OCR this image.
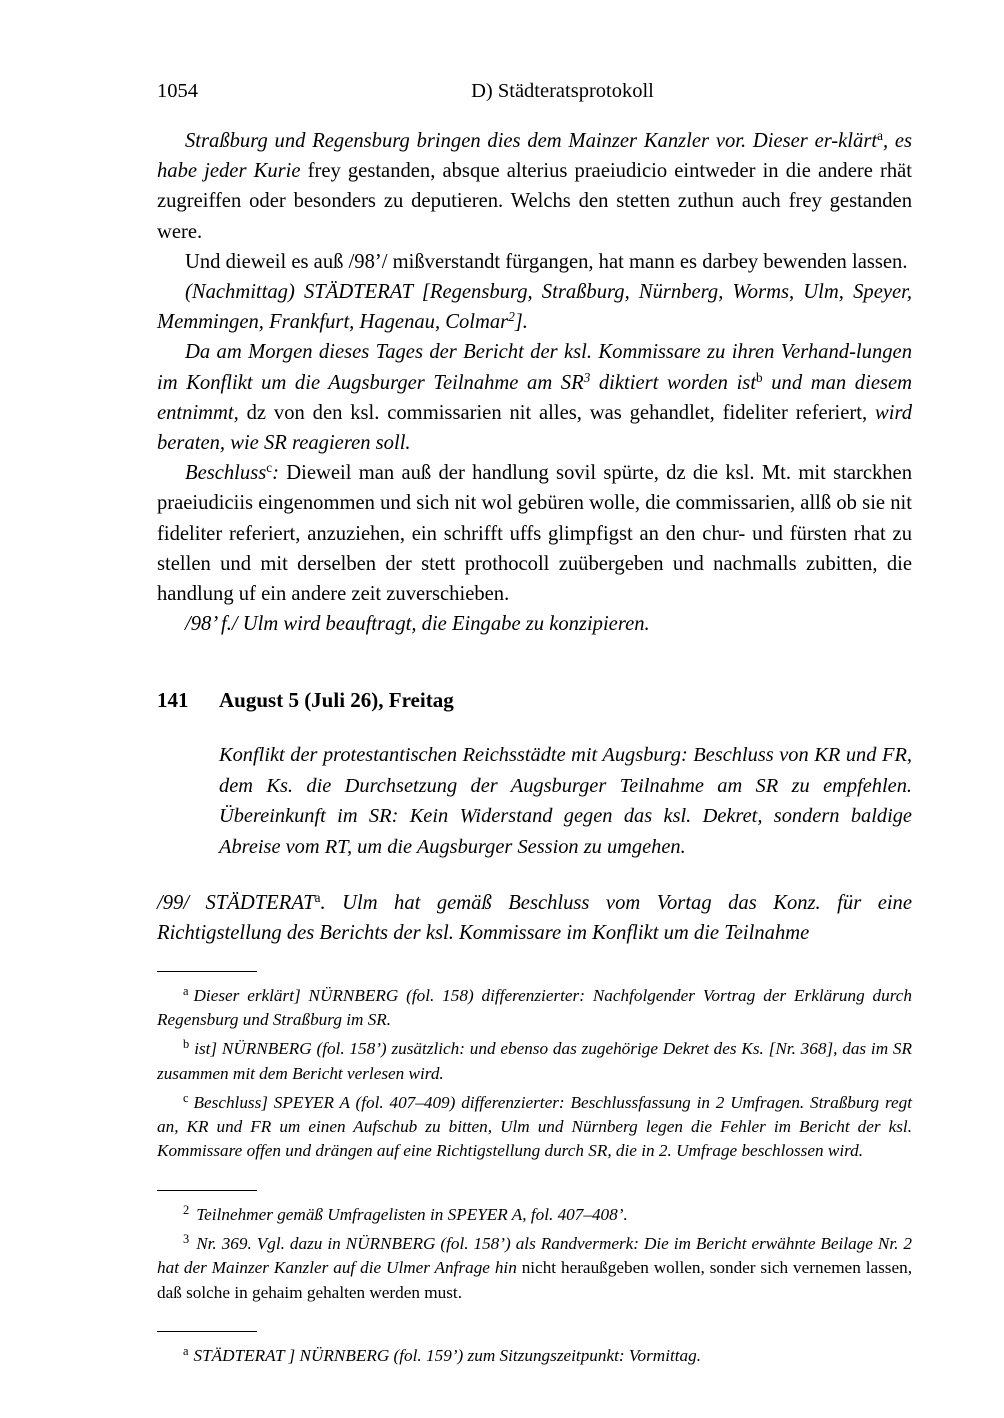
1054	D) Städteratsprotokoll

Straßburg und Regensburg bringen dies dem Mainzer Kanzler vor. Dieser er-klärt$^a$, es habe jeder Kurie frey gestanden, absque alterius praeiudicio eintweder in die andere rhät zugreiffen oder besonders zu deputieren. Welchs den stetten zuthun auch frey gestanden were.

Und dieweil es auß /98’/ mißverstandt fürgangen, hat mann es darbey bewenden lassen.

(Nachmittag) STÄDTERAT [Regensburg, Straßburg, Nürnberg, Worms, Ulm, Speyer, Memmingen, Frankfurt, Hagenau, Colmar$^2$].

Da am Morgen dieses Tages der Bericht der ksl. Kommissare zu ihren Verhand-lungen im Konflikt um die Augsburger Teilnahme am $SR^3$ diktiert worden ist$^b$ und man diesem entnimmt, dz von den ksl. commissarien nit alles, was gehandlet, fideliter referiert, wird beraten, wie SR reagieren soll.

Beschluss$^c$: Dieweil man auß der handlung sovil spürte, dz die ksl. Mt. mit starckhen praeiudiciis eingenommen und sich nit wol gebüren wolle, die commissarien, allß ob sie nit fideliter referiert, anzuziehen, ein schrifft uffs glimpfigst an den chur- und fürsten rhat zu stellen und mit derselben der stett prothocoll zuübergeben und nachmalls zubitten, die handlung uf ein andere zeit zuverschieben.

/98’ f./ Ulm wird beauftragt, die Eingabe zu konzipieren.

141 August 5 (Juli 26), Freitag
Konflikt der protestantischen Reichsstädte mit Augsburg: Beschluss von KR und FR, dem Ks. die Durchsetzung der Augsburger Teilnahme am SR zu empfehlen. Übereinkunft im SR: Kein Widerstand gegen das ksl. Dekret, sondern baldige Abreise vom RT, um die Augsburger Session zu umgehen.
/99/ STÄDTERAT$^a$. Ulm hat gemäß Beschluss vom Vortag das Konz. für eine Richtigstellung des Berichts der ksl. Kommissare im Konflikt um die Teilnahme

$^a$ Dieser erklärt] NÜRNBERG (fol. 158) differenzierter: Nachfolgender Vortrag der Erklärung durch Regensburg und Straßburg im SR.

$^b$ ist] NÜRNBERG (fol. 158’) zusätzlich: und ebenso das zugehörige Dekret des Ks. [Nr. 368], das im SR zusammen mit dem Bericht verlesen wird.

$^c$ Beschluss] SPEYER A (fol. 407–409) differenzierter: Beschlussfassung in 2 Umfragen. Straßburg regt an, KR und FR um einen Aufschub zu bitten, Ulm und Nürnberg legen die Fehler im Bericht der ksl. Kommissare offen und drängen auf eine Richtigstellung durch SR, die in 2. Umfrage beschlossen wird.

$^2$ Teilnehmer gemäß Umfragelisten in SPEYER A, fol. 407–408’.

$^3$ Nr. 369. Vgl. dazu in NÜRNBERG (fol. 158’) als Randvermerk: Die im Bericht erwähnte Beilage Nr. 2 hat der Mainzer Kanzler auf die Ulmer Anfrage hin nicht heraußgeben wollen, sonder sich vernemen lassen, daß solche in gehaim gehalten werden must.

$^a$ STÄDTERAT ] NÜRNBERG (fol. 159’) zum Sitzungszeitpunkt: Vormittag.
